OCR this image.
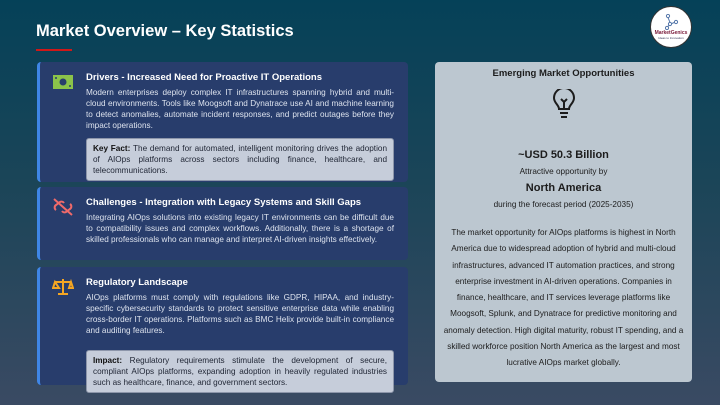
Market Overview – Key Statistics	MarketGenics
Ideas to Innovation
Drivers - Increased Need for Proactive IT Operations

Modern enterprises deploy complex IT infrastructures spanning hybrid and multi-cloud environments. Tools like Moogsoft and Dynatrace use AI and machine learning to detect anomalies, automate incident responses, and predict outages before they impact operations.

Key Fact: The demand for automated, intelligent monitoring drives the adoption of AIOps platforms across sectors including finance, healthcare, and telecommunications.
Challenges - Integration with Legacy Systems and Skill Gaps

Integrating AIOps solutions into existing legacy IT environments can be difficult due to compatibility issues and complex workflows. Additionally, there is a shortage of skilled professionals who can manage and interpret AI-driven insights effectively.

Regulatory Landscape

AIOps platforms must comply with regulations like GDPR, HIPAA, and industry-specific cybersecurity standards to protect sensitive enterprise data while enabling cross-border IT operations. Platforms such as BMC Helix provide built-in compliance and auditing features.

Impact: Regulatory requirements stimulate the development of secure, compliant AIOps platforms, expanding adoption in heavily regulated industries such as healthcare, finance, and government sectors.
Emerging Market Opportunities
~USD 50.3 Billion
Attractive opportunity by
North America
during the forecast period (2025-2035)
The market opportunity for AIOps platforms is highest in North America due to widespread adoption of hybrid and multi-cloud infrastructures, advanced IT automation practices, and strong enterprise investment in AI-driven operations. Companies in finance, healthcare, and IT services leverage platforms like Moogsoft, Splunk, and Dynatrace for predictive monitoring and anomaly detection. High digital maturity, robust IT spending, and a skilled workforce position North America as the largest and most lucrative AIOps market globally.
